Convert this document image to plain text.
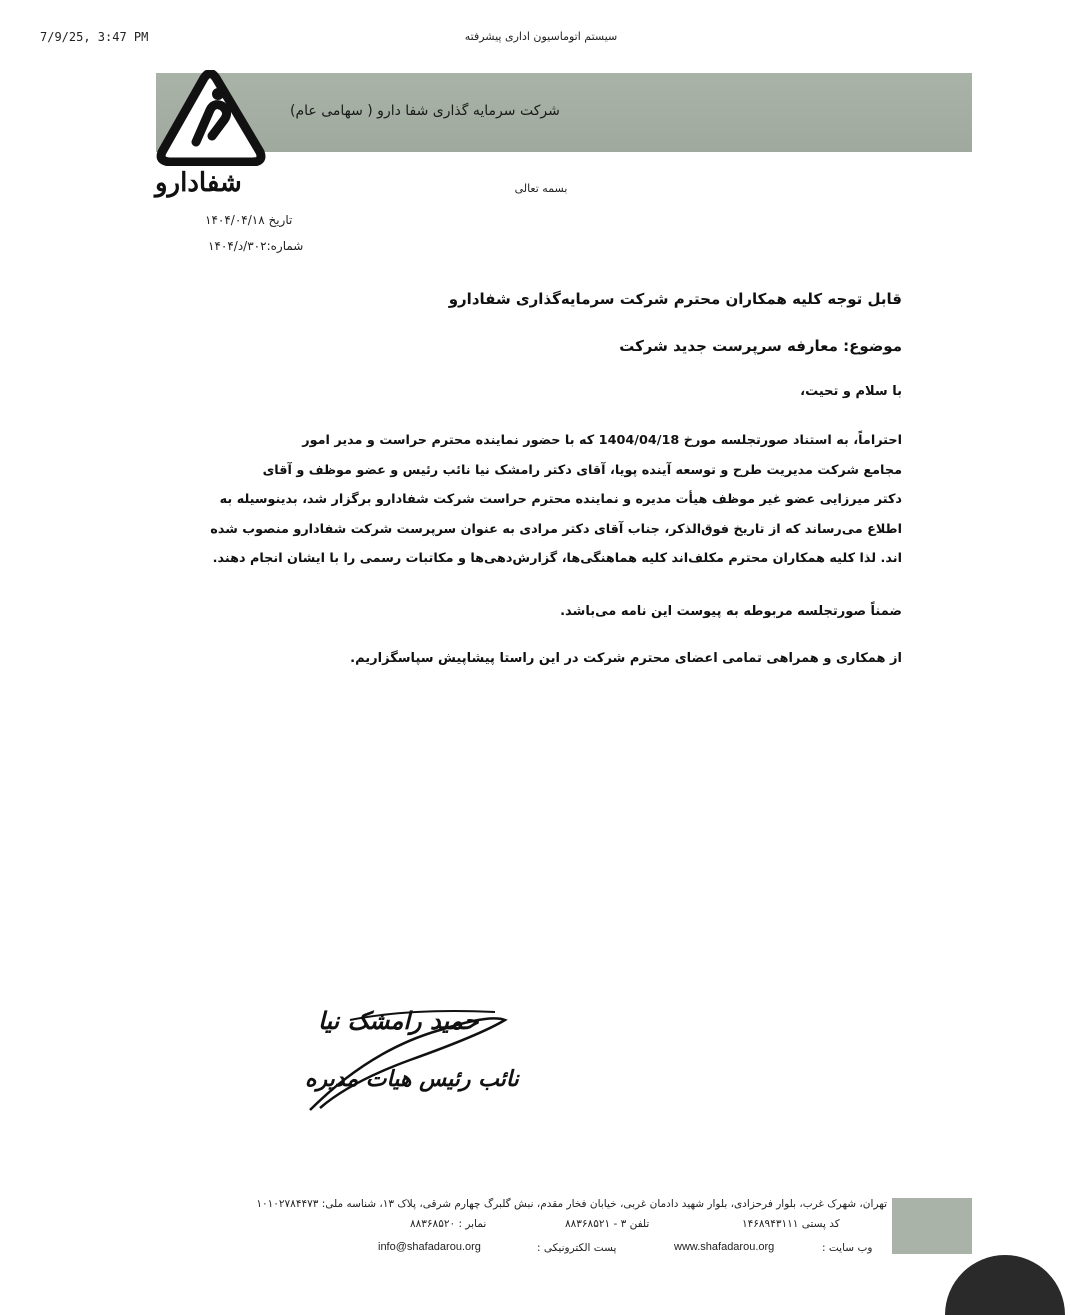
7/9/25, 3:47 PM	سیستم اتوماسیون اداری پیشرفته
شرکت سرمایه گذاری شفا دارو ( سهامی عام)
شفادارو	بسمه تعالی
تاریخ ۱۴۰۴/۰۴/۱۸
شماره:۳۰۲/د/۱۴۰۴
قابل توجه کلیه همکاران محترم شرکت سرمایه‌گذاری شفادارو
موضوع: معارفه سرپرست جدید شرکت
با سلام و تحیت،
احتراماً، به استناد صورتجلسه مورخ 1404/04/18 که با حضور نماینده محترم حراست و مدیر امور
مجامع شرکت مدیریت طرح و توسعه آینده پویا، آقای دکتر رامشک نیا نائب رئیس و عضو موظف و آقای
دکتر میرزایی عضو غیر موظف هیأت مدیره و نماینده محترم حراست شرکت شفادارو برگزار شد، بدینوسیله به
اطلاع می‌رساند که از تاریخ فوق‌الذکر، جناب آقای دکتر مرادی به عنوان سرپرست شرکت شفادارو منصوب شده
اند. لذا کلیه همکاران محترم مکلف‌اند کلیه هماهنگی‌ها، گزارش‌دهی‌ها و مکاتبات رسمی را با ایشان انجام دهند.
ضمناً صورتجلسه مربوطه به پیوست این نامه می‌باشد.
از همکاری و همراهی تمامی اعضای محترم شرکت در این راستا پیشاپیش سپاسگزاریم.
حمید رامشک نیا
نائب رئیس هیات مدیره
تهران، شهرک غرب، بلوار فرحزادی، بلوار شهید دادمان غربی، خیابان فخار مقدم، نبش گلبرگ چهارم شرقی، پلاک ۱۳، شناسه ملی: ۱۰۱۰۲۷۸۴۴۷۳
کد پستی ۱۴۶۸۹۴۳۱۱۱
تلفن ۳ - ۸۸۳۶۸۵۲۱
نمابر : ۸۸۳۶۸۵۲۰
وب سایت :
www.shafadarou.org
پست الکترونیکی :
info@shafadarou.org
